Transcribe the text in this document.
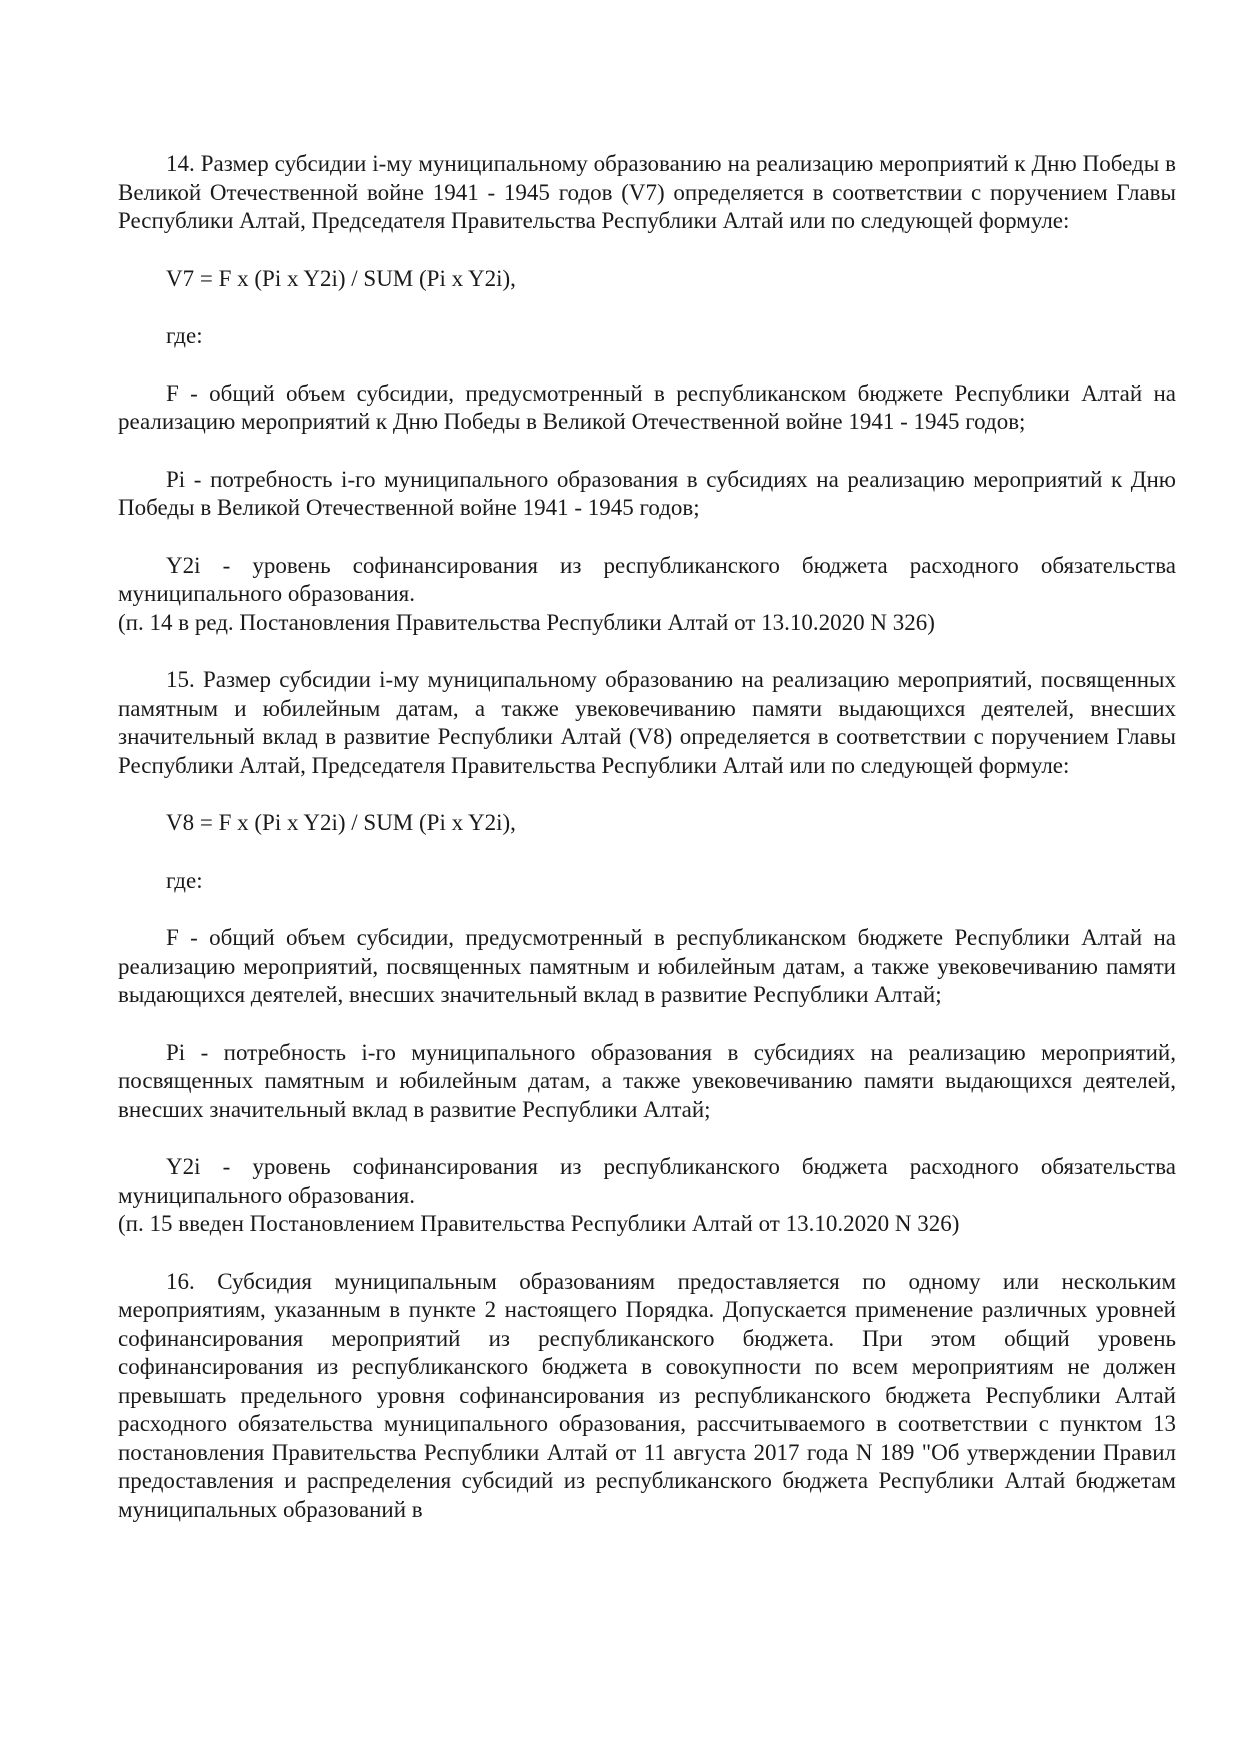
14. Размер субсидии i-му муниципальному образованию на реализацию мероприятий к Дню Победы в Великой Отечественной войне 1941 - 1945 годов (V7) определяется в соответствии с поручением Главы Республики Алтай, Председателя Правительства Республики Алтай или по следующей формуле:

V7 = F x (Pi x Y2i) / SUM (Pi x Y2i),

где:

F - общий объем субсидии, предусмотренный в республиканском бюджете Республики Алтай на реализацию мероприятий к Дню Победы в Великой Отечественной войне 1941 - 1945 годов;

Pi - потребность i-го муниципального образования в субсидиях на реализацию мероприятий к Дню Победы в Великой Отечественной войне 1941 - 1945 годов;

Y2i - уровень софинансирования из республиканского бюджета расходного обязательства муниципального образования.

(п. 14 в ред. Постановления Правительства Республики Алтай от 13.10.2020 N 326)

15. Размер субсидии i-му муниципальному образованию на реализацию мероприятий, посвященных памятным и юбилейным датам, а также увековечиванию памяти выдающихся деятелей, внесших значительный вклад в развитие Республики Алтай (V8) определяется в соответствии с поручением Главы Республики Алтай, Председателя Правительства Республики Алтай или по следующей формуле:

V8 = F x (Pi x Y2i) / SUM (Pi x Y2i),

где:

F - общий объем субсидии, предусмотренный в республиканском бюджете Республики Алтай на реализацию мероприятий, посвященных памятным и юбилейным датам, а также увековечиванию памяти выдающихся деятелей, внесших значительный вклад в развитие Республики Алтай;

Pi - потребность i-го муниципального образования в субсидиях на реализацию мероприятий, посвященных памятным и юбилейным датам, а также увековечиванию памяти выдающихся деятелей, внесших значительный вклад в развитие Республики Алтай;

Y2i - уровень софинансирования из республиканского бюджета расходного обязательства муниципального образования.

(п. 15 введен Постановлением Правительства Республики Алтай от 13.10.2020 N 326)

16. Субсидия муниципальным образованиям предоставляется по одному или нескольким мероприятиям, указанным в пункте 2 настоящего Порядка. Допускается применение различных уровней софинансирования мероприятий из республиканского бюджета. При этом общий уровень софинансирования из республиканского бюджета в совокупности по всем мероприятиям не должен превышать предельного уровня софинансирования из республиканского бюджета Республики Алтай расходного обязательства муниципального образования, рассчитываемого в соответствии с пунктом 13 постановления Правительства Республики Алтай от 11 августа 2017 года N 189 "Об утверждении Правил предоставления и распределения субсидий из республиканского бюджета Республики Алтай бюджетам муниципальных образований в
